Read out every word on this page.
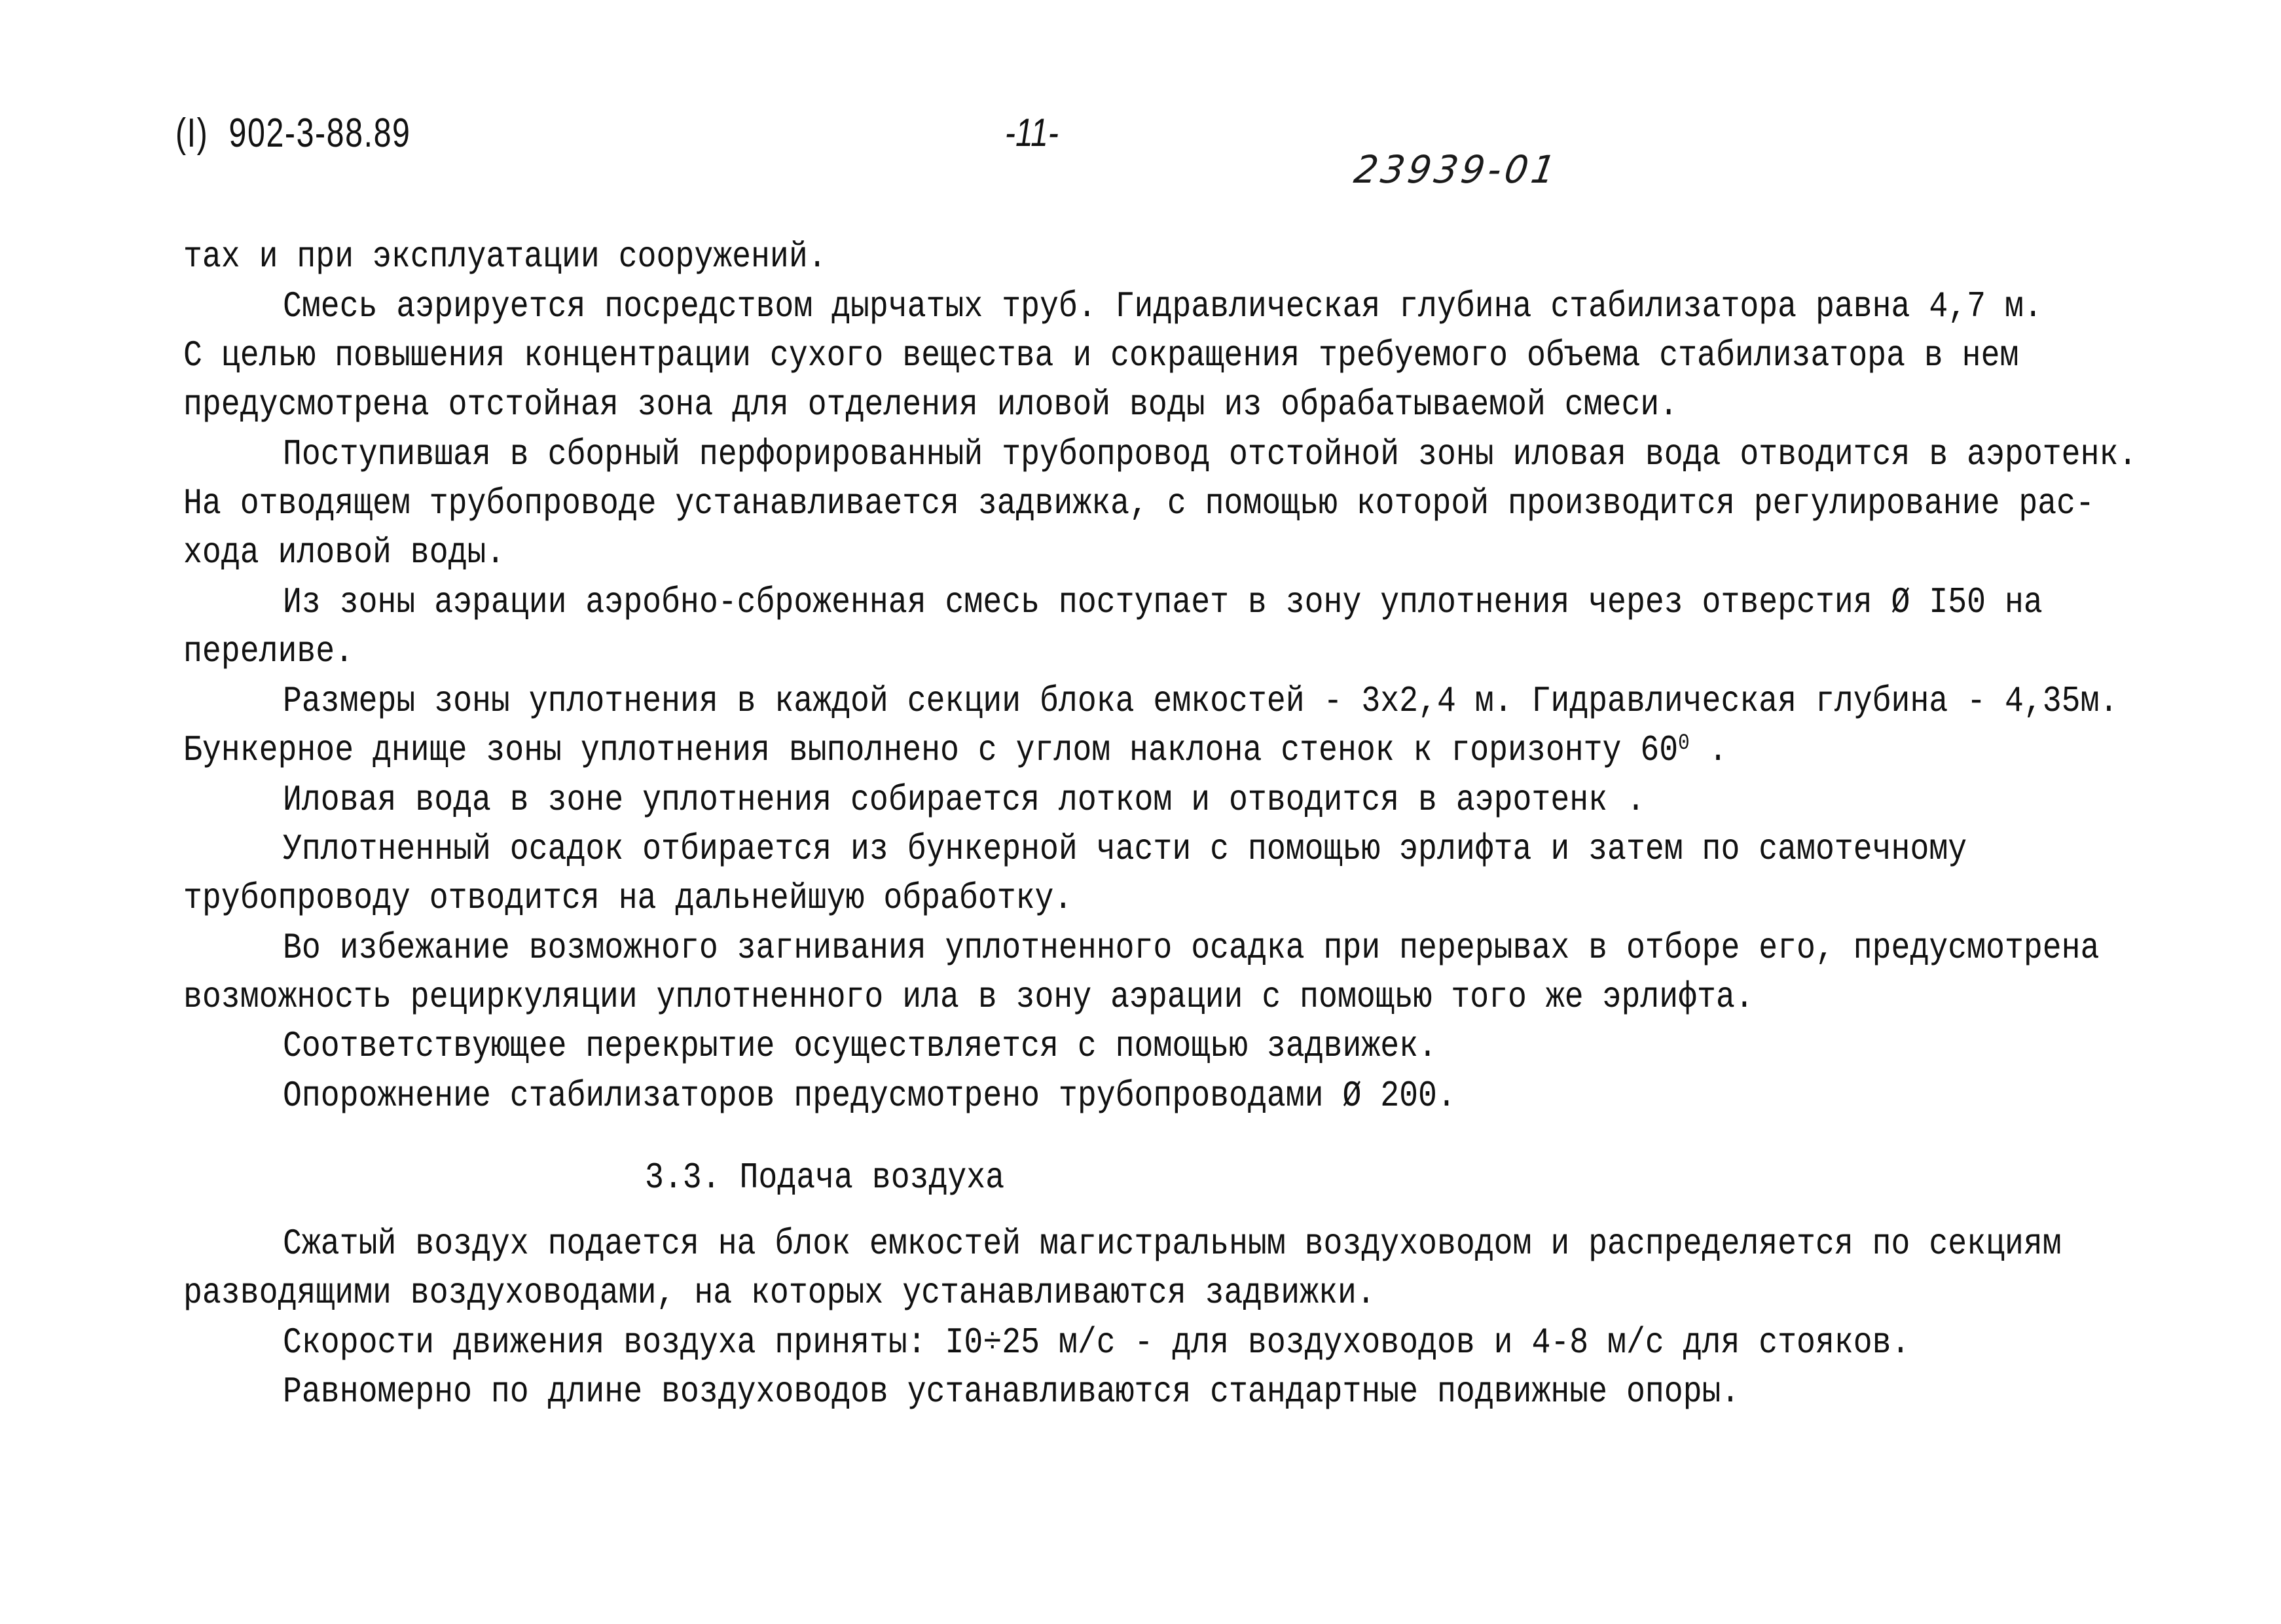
(I) 902-3-88.89	-11-
23939-01
тах и при эксплуатации сооружений.
Смесь аэрируется посредством дырчатых труб. Гидравлическая глубина стабилизатора равна 4,7 м.
С целью повышения концентрации сухого вещества и сокращения требуемого объема стабилизатора в нем
предусмотрена отстойная зона для отделения иловой воды из обрабатываемой смеси.
Поступившая в сборный перфорированный трубопровод отстойной зоны иловая вода отводится в аэротенк.
На отводящем трубопроводе устанавливается задвижка, с помощью которой производится регулирование рас-
хода иловой воды.
Из зоны аэрации аэробно-сброженная смесь поступает в зону уплотнения через отверстия Ø I50 на
переливе.
Размеры зоны уплотнения в каждой секции блока емкостей - 3х2,4 м. Гидравлическая глубина - 4,35м.
Бункерное днище зоны уплотнения выполнено с углом наклона стенок к горизонту $60^0$ .
Иловая вода в зоне уплотнения собирается лотком и отводится в аэротенк .
Уплотненный осадок отбирается из бункерной части с помощью эрлифта и затем по самотечному
трубопроводу отводится на дальнейшую обработку.
Во избежание возможного загнивания уплотненного осадка при перерывах в отборе его, предусмотрена
возможность рециркуляции уплотненного ила в зону аэрации с помощью того же эрлифта.
Соответствующее перекрытие осуществляется с помощью задвижек.
Опорожнение стабилизаторов предусмотрено трубопроводами Ø 200.
3.3. Подача воздуха
Сжатый воздух подается на блок емкостей магистральным воздуховодом и распределяется по секциям
разводящими воздуховодами, на которых устанавливаются задвижки.
Скорости движения воздуха приняты: I0÷25 м/с - для воздуховодов и 4-8 м/с для стояков.
Равномерно по длине воздуховодов устанавливаются стандартные подвижные опоры.
